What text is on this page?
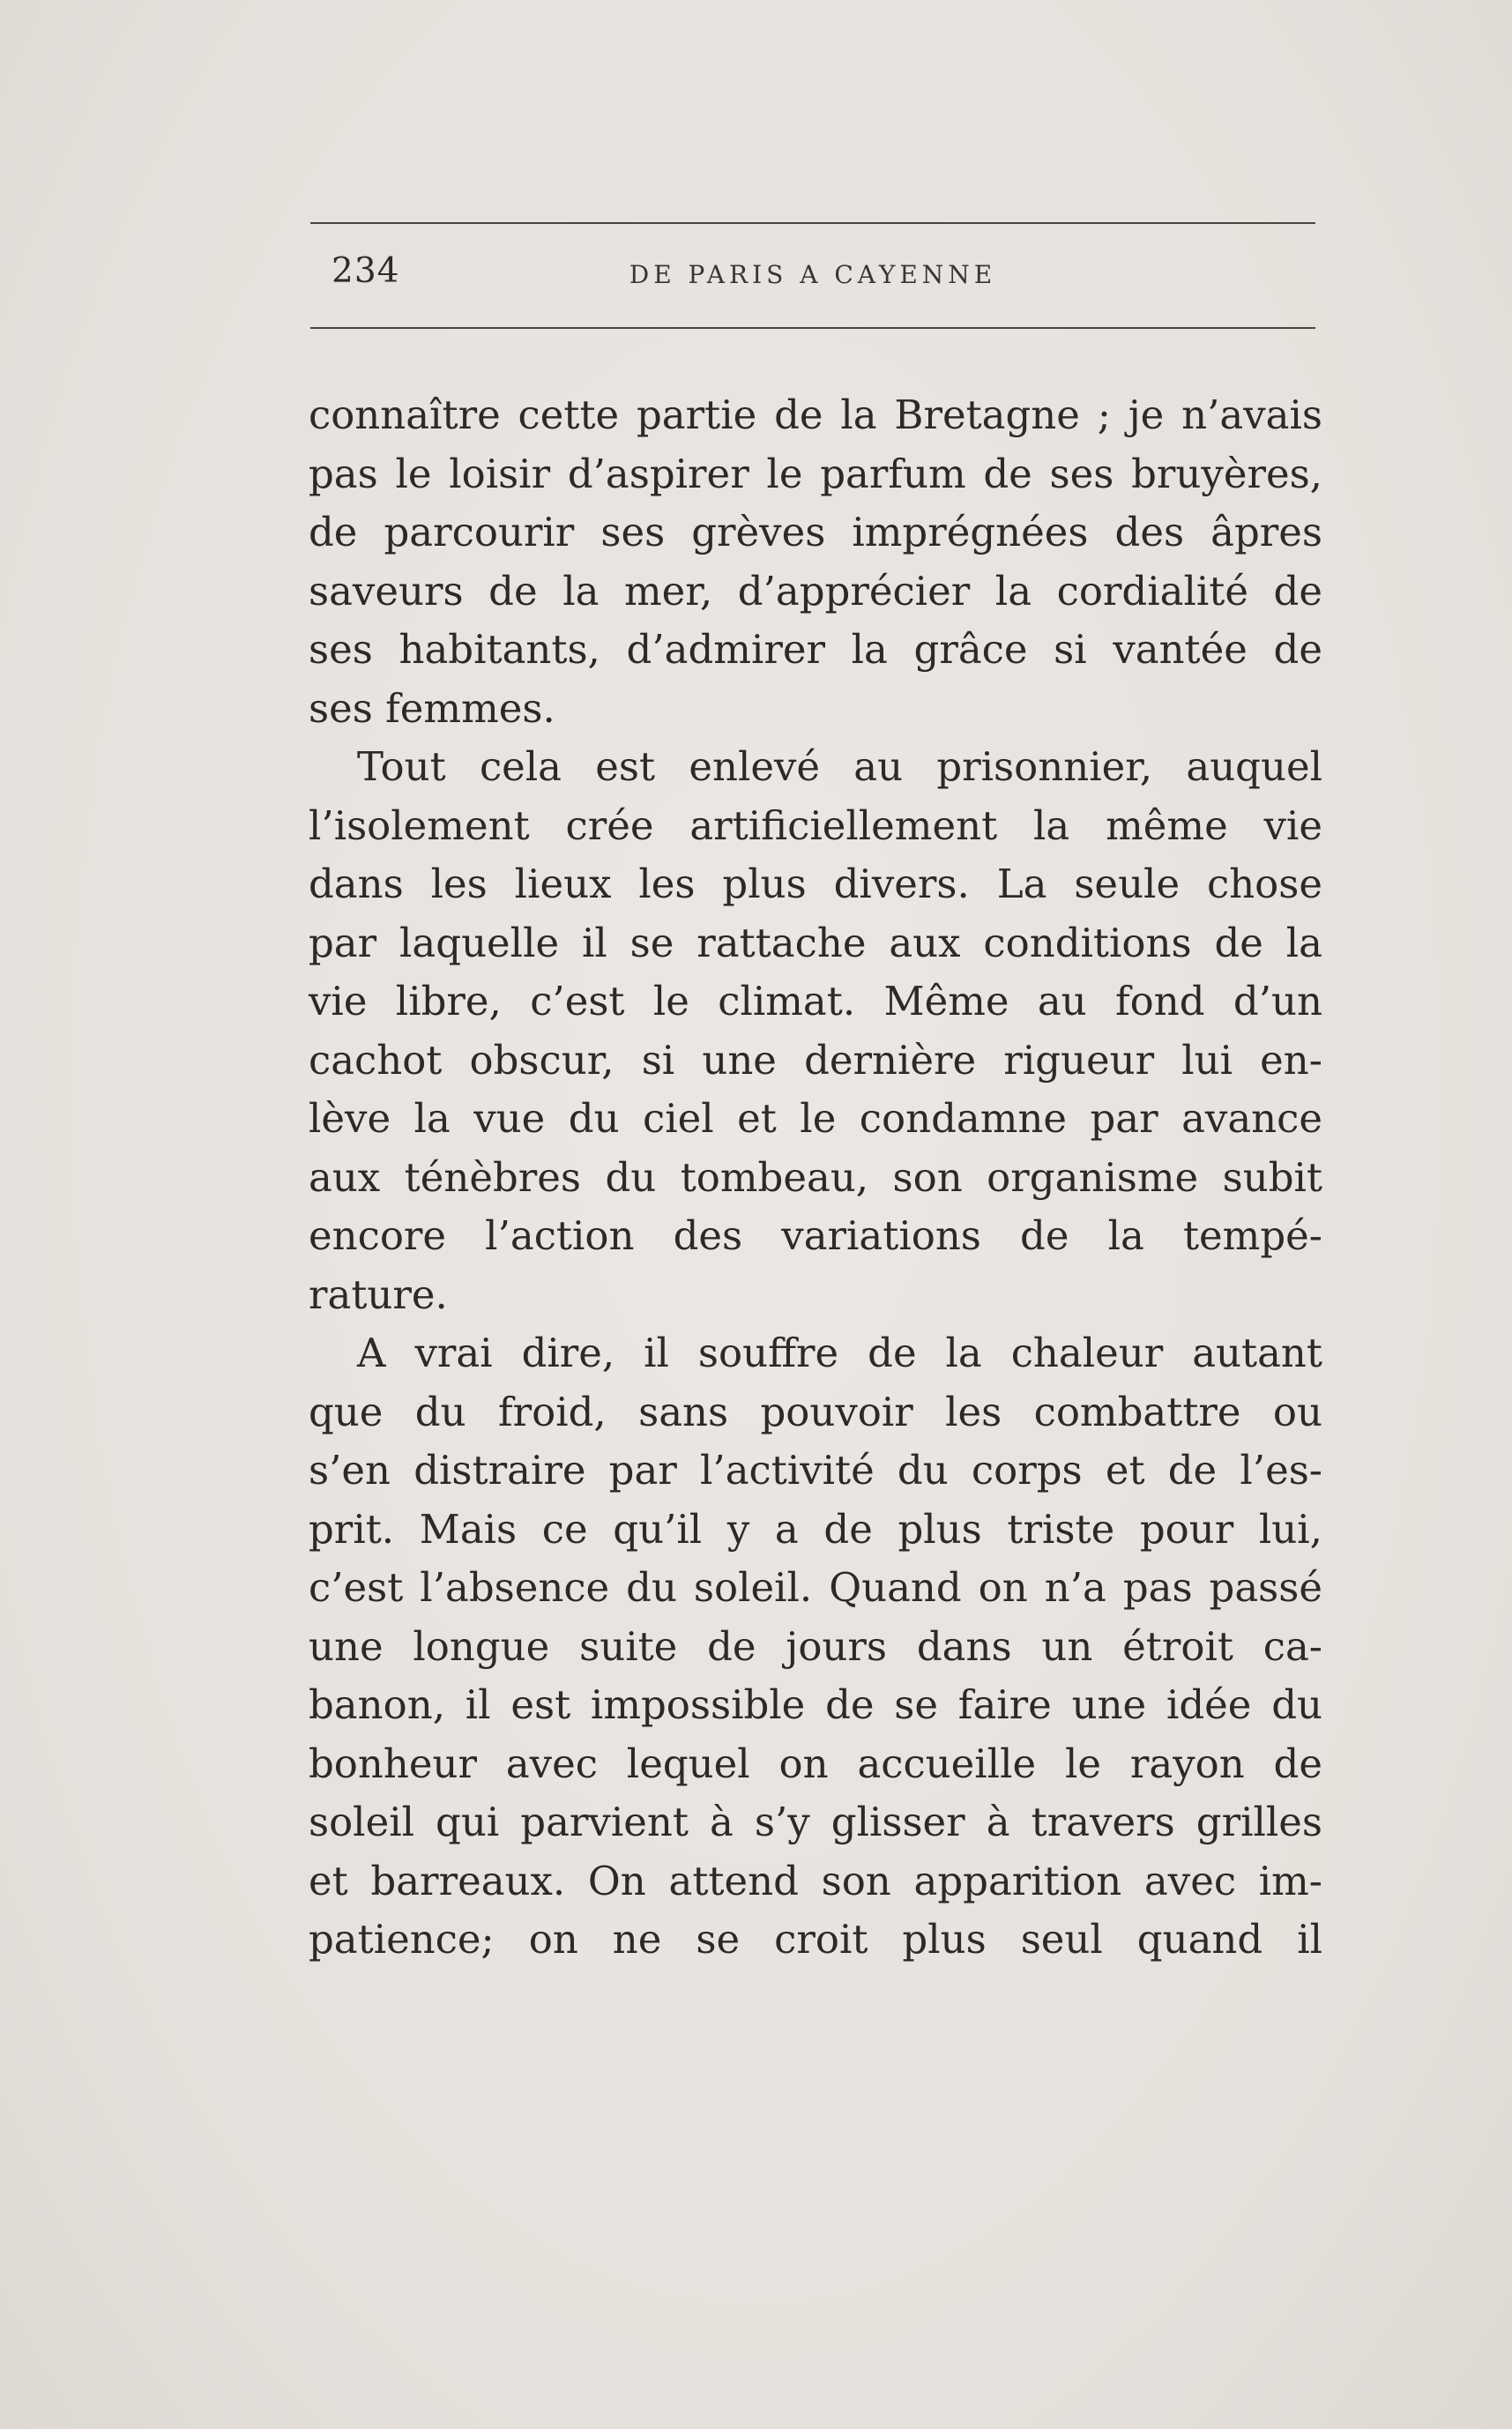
234	DE PARIS A CAYENNE
connaître cette partie de la Bretagne ; je n’avais
pas le loisir d’aspirer le parfum de ses bruyères,
de parcourir ses grèves imprégnées des âpres
saveurs de la mer, d’apprécier la cordialité de
ses habitants, d’admirer la grâce si vantée de
ses femmes.
Tout cela est enlevé au prisonnier, auquel
l’isolement crée artificiellement la même vie
dans les lieux les plus divers. La seule chose
par laquelle il se rattache aux conditions de la
vie libre, c’est le climat. Même au fond d’un
cachot obscur, si une dernière rigueur lui en-
lève la vue du ciel et le condamne par avance
aux ténèbres du tombeau, son organisme subit
encore l’action des variations de la tempé-
rature.
A vrai dire, il souffre de la chaleur autant
que du froid, sans pouvoir les combattre ou
s’en distraire par l’activité du corps et de l’es-
prit. Mais ce qu’il y a de plus triste pour lui,
c’est l’absence du soleil. Quand on n’a pas passé
une longue suite de jours dans un étroit ca-
banon, il est impossible de se faire une idée du
bonheur avec lequel on accueille le rayon de
soleil qui parvient à s’y glisser à travers grilles
et barreaux. On attend son apparition avec im-
patience; on ne se croit plus seul quand il
